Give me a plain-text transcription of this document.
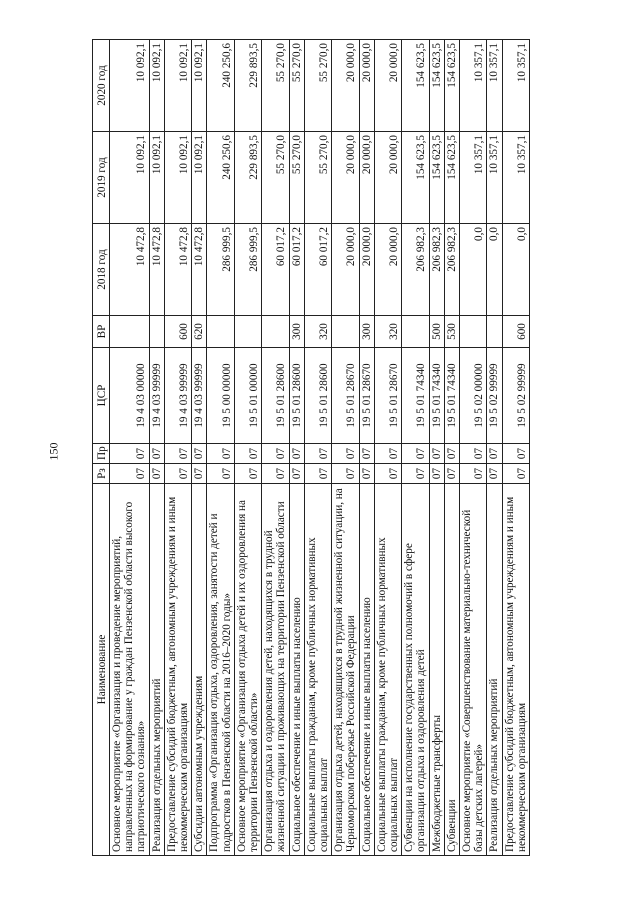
150
Наименование	Рз	Пр	ЦСР	ВР	2018 год	2019 год	2020 год
Основное мероприятие «Организация и проведение мероприятий, направленных на формирование у граждан Пензенской области высокого патриотического сознания»	07	07	19 4 03 00000		10 472,8	10 092,1	10 092,1
Реализация отдельных мероприятий	07	07	19 4 03 99999		10 472,8	10 092,1	10 092,1
Предоставление субсидий бюджетным, автономным учреждениям и иным некоммерческим организациям	07	07	19 4 03 99999	600	10 472,8	10 092,1	10 092,1
Субсидии автономным учреждениям	07	07	19 4 03 99999	620	10 472,8	10 092,1	10 092,1
Подпрограмма «Организация отдыха, оздоровления, занятости детей и подростков в Пензенской области на 2016–2020 годы»	07	07	19 5 00 00000		286 999,5	240 250,6	240 250,6
Основное мероприятие «Организация отдыха детей и их оздоровления на территории Пензенской области»	07	07	19 5 01 00000		286 999,5	229 893,5	229 893,5
Организация отдыха и оздоровления детей, находящихся в трудной жизненной ситуации и проживающих на территории Пензенской области	07	07	19 5 01 28600		60 017,2	55 270,0	55 270,0
Социальное обеспечение и иные выплаты населению	07	07	19 5 01 28600	300	60 017,2	55 270,0	55 270,0
Социальные выплаты гражданам, кроме публичных нормативных социальных выплат	07	07	19 5 01 28600	320	60 017,2	55 270,0	55 270,0
Организация отдыха детей, находящихся в трудной жизненной ситуации, на Черноморском побережье Российской Федерации	07	07	19 5 01 28670		20 000,0	20 000,0	20 000,0
Социальное обеспечение и иные выплаты населению	07	07	19 5 01 28670	300	20 000,0	20 000,0	20 000,0
Социальные выплаты гражданам, кроме публичных нормативных социальных выплат	07	07	19 5 01 28670	320	20 000,0	20 000,0	20 000,0
Субвенции на исполнение государственных полномочий в сфере организации отдыха и оздоровления детей	07	07	19 5 01 74340		206 982,3	154 623,5	154 623,5
Межбюджетные трансферты	07	07	19 5 01 74340	500	206 982,3	154 623,5	154 623,5
Субвенции	07	07	19 5 01 74340	530	206 982,3	154 623,5	154 623,5
Основное мероприятие «Совершенствование материально-технической базы детских лагерей»	07	07	19 5 02 00000		0,0	10 357,1	10 357,1
Реализация отдельных мероприятий	07	07	19 5 02 99999		0,0	10 357,1	10 357,1
Предоставление субсидий бюджетным, автономным учреждениям и иным некоммерческим организациям	07	07	19 5 02 99999	600	0,0	10 357,1	10 357,1
